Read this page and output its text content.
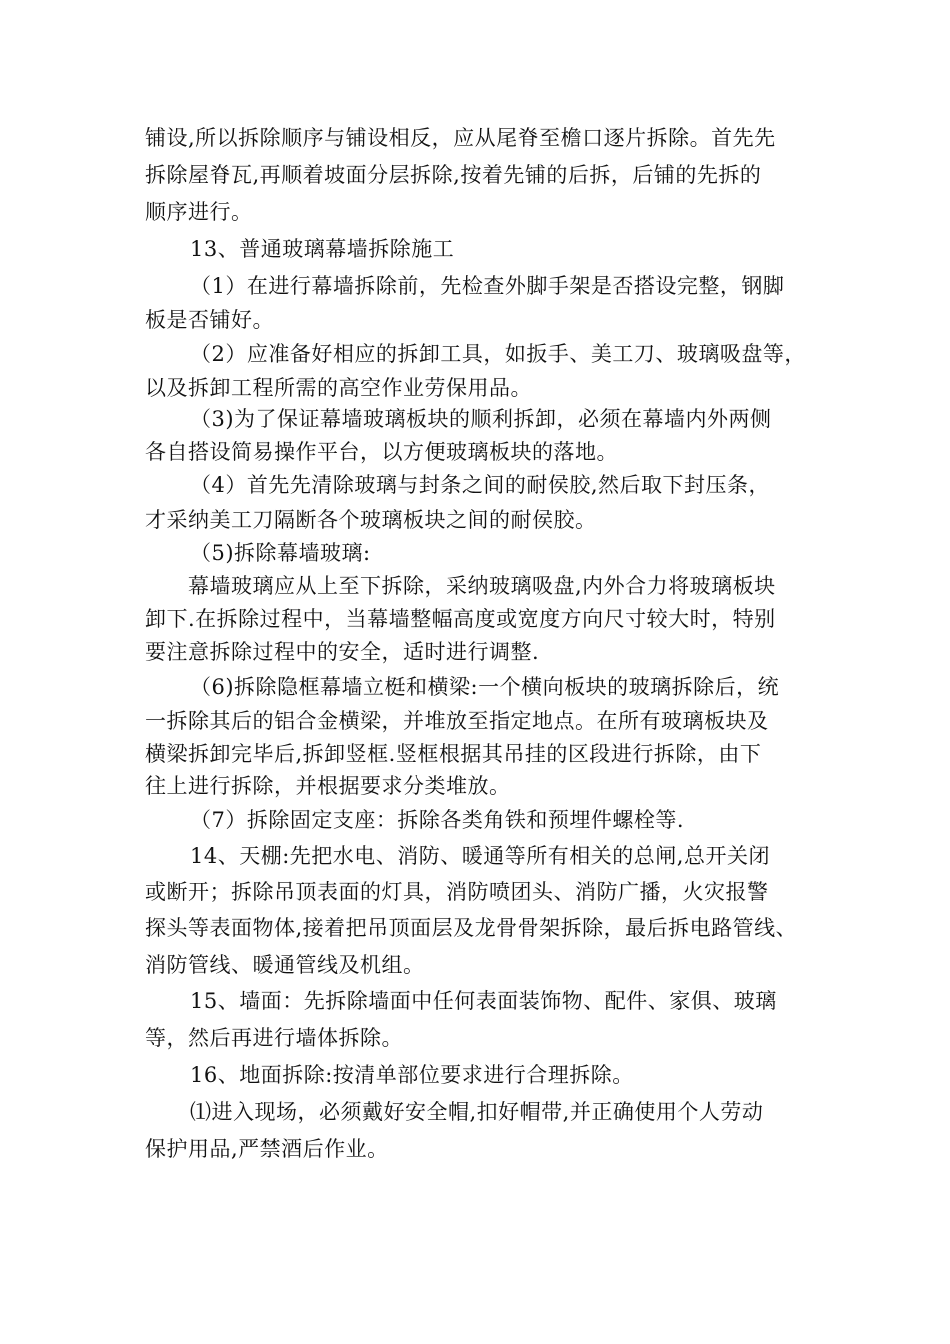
铺设,所以拆除顺序与铺设相反，应从尾脊至檐口逐片拆除。首先先
拆除屋脊瓦,再顺着坡面分层拆除,按着先铺的后拆，后铺的先拆的
顺序进行。
13、普通玻璃幕墙拆除施工
（1）在进行幕墙拆除前，先检查外脚手架是否搭设完整，钢脚
板是否铺好。
（2）应准备好相应的拆卸工具，如扳手、美工刀、玻璃吸盘等，
以及拆卸工程所需的高空作业劳保用品。
（3)为了保证幕墙玻璃板块的顺利拆卸，必须在幕墙内外两侧
各自搭设简易操作平台，以方便玻璃板块的落地。
（4）首先先清除玻璃与封条之间的耐侯胶,然后取下封压条，
才采纳美工刀隔断各个玻璃板块之间的耐侯胶。
（5)拆除幕墙玻璃:
幕墙玻璃应从上至下拆除，采纳玻璃吸盘,内外合力将玻璃板块
卸下.在拆除过程中，当幕墙整幅高度或宽度方向尺寸较大时，特别
要注意拆除过程中的安全，适时进行调整.
（6)拆除隐框幕墙立梃和横梁:一个横向板块的玻璃拆除后，统
一拆除其后的铝合金横梁，并堆放至指定地点。在所有玻璃板块及
横梁拆卸完毕后,拆卸竖框.竖框根据其吊挂的区段进行拆除，由下
往上进行拆除，并根据要求分类堆放。
（7）拆除固定支座：拆除各类角铁和预埋件螺栓等.
14、天棚:先把水电、消防、暖通等所有相关的总闸,总开关闭
或断开；拆除吊顶表面的灯具，消防喷团头、消防广播，火灾报警
探头等表面物体,接着把吊顶面层及龙骨骨架拆除，最后拆电路管线、
消防管线、暖通管线及机组。
15、墙面：先拆除墙面中任何表面装饰物、配件、家俱、玻璃
等，然后再进行墙体拆除。
16、地面拆除:按清单部位要求进行合理拆除。
⑴进入现场，必须戴好安全帽,扣好帽带,并正确使用个人劳动
保护用品,严禁酒后作业。
